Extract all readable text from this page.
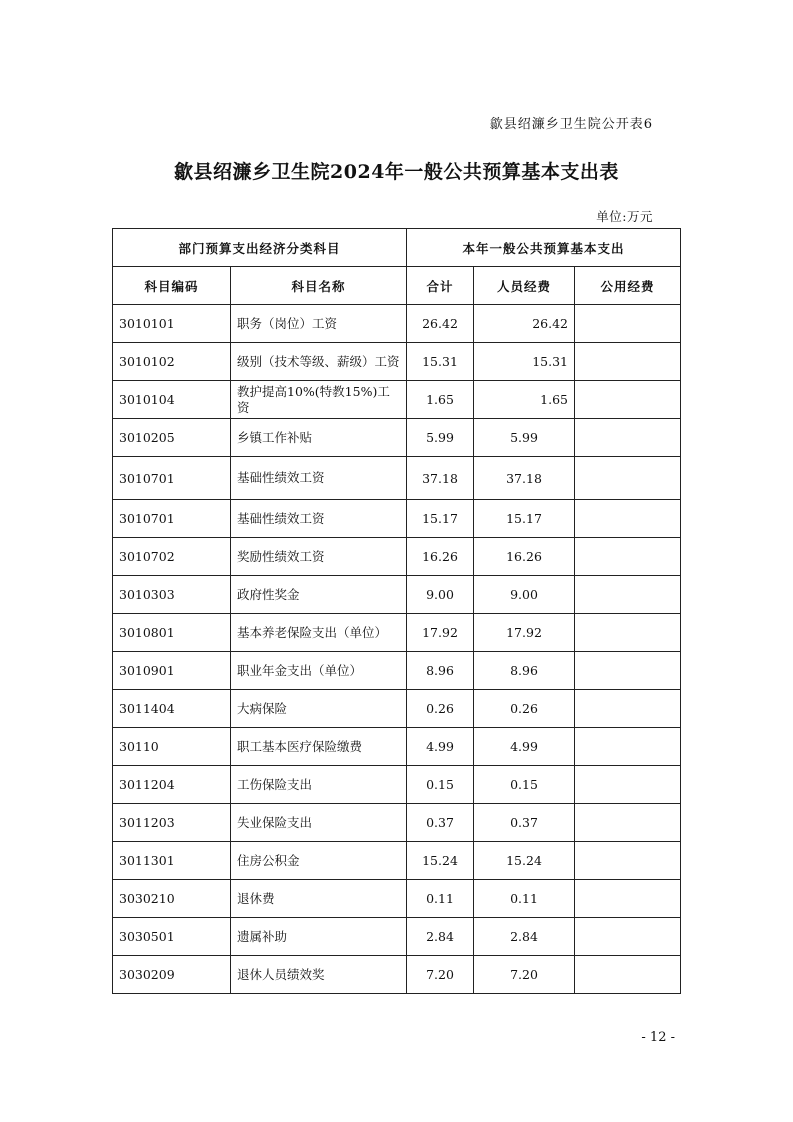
歙县绍濂乡卫生院公开表6
歙县绍濂乡卫生院2024年一般公共预算基本支出表
单位:万元
部门预算支出经济分类科目		本年一般公共预算基本支出		
科目编码	科目名称	合计	人员经费	公用经费
3010101	职务（岗位）工资	26.42	26.42	
3010102	级别（技术等级、薪级）工资	15.31	15.31	
3010104	教护提高10%(特教15%)工资	1.65	1.65	
3010205	乡镇工作补贴	5.99	5.99	
3010701	基础性绩效工资	37.18	37.18	
3010701	基础性绩效工资	15.17	15.17	
3010702	奖励性绩效工资	16.26	16.26	
3010303	政府性奖金	9.00	9.00	
3010801	基本养老保险支出（单位）	17.92	17.92	
3010901	职业年金支出（单位）	8.96	8.96	
3011404	大病保险	0.26	0.26	
30110	职工基本医疗保险缴费	4.99	4.99	
3011204	工伤保险支出	0.15	0.15	
3011203	失业保险支出	0.37	0.37	
3011301	住房公积金	15.24	15.24	
3030210	退休费	0.11	0.11	
3030501	遗属补助	2.84	2.84	
3030209	退休人员绩效奖	7.20	7.20	
- 12 -
